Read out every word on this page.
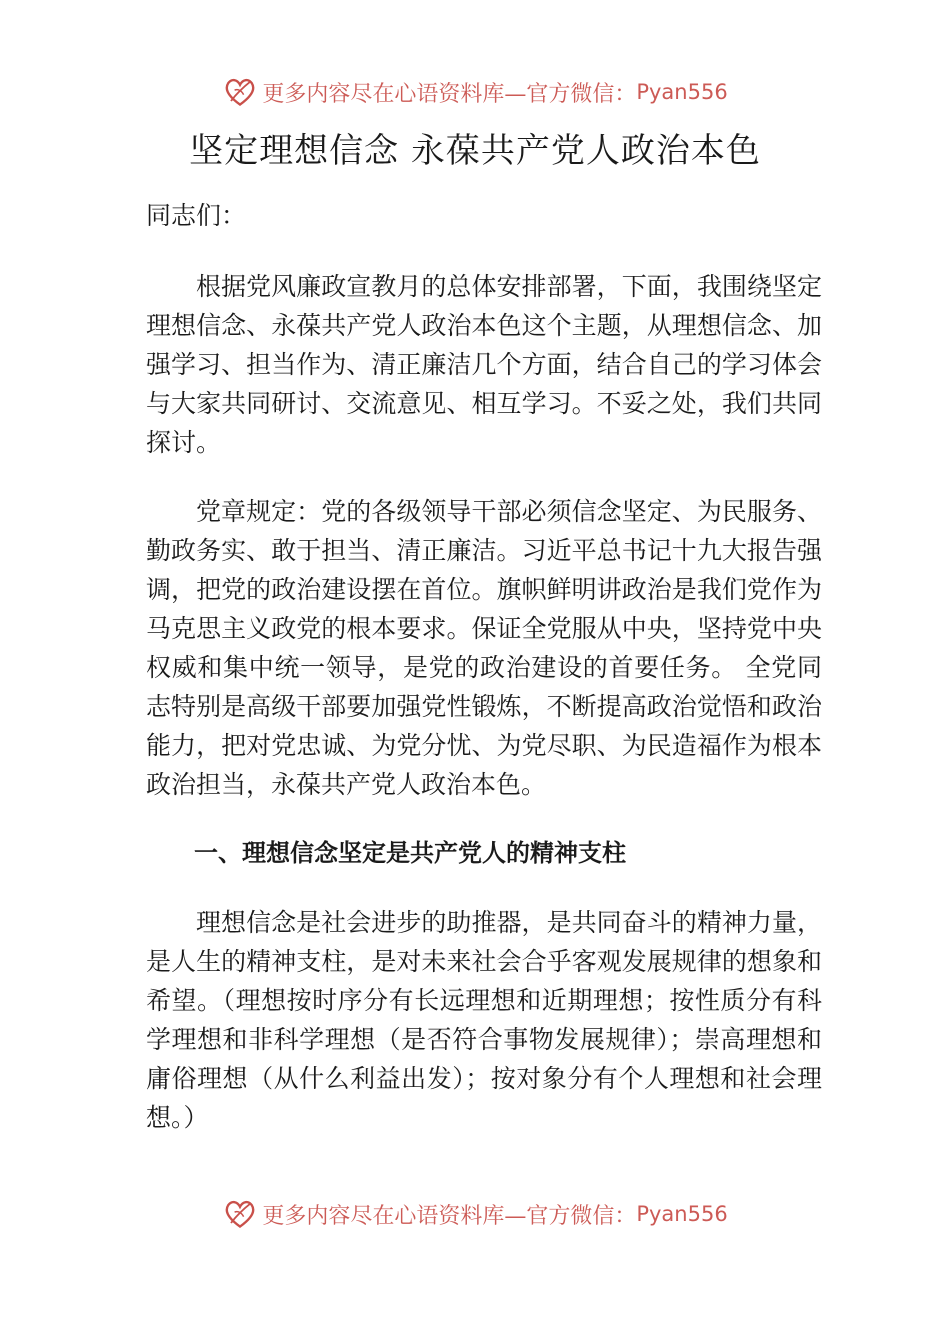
更多内容尽在心语资料库—官方微信： Pyan556
坚定理想信念 永葆共产党人政治本色

同志们：

根据党风廉政宣教月的总体安排部署，下面，我围绕坚定理想信念、永葆共产党人政治本色这个主题，从理想信念、加强学习、担当作为、清正廉洁几个方面，结合自己的学习体会与大家共同研讨、交流意见、相互学习。不妥之处，我们共同探讨。

党章规定：党的各级领导干部必须信念坚定、为民服务、勤政务实、敢于担当、清正廉洁。习近平总书记十九大报告强调，把党的政治建设摆在首位。旗帜鲜明讲政治是我们党作为马克思主义政党的根本要求。保证全党服从中央，坚持党中央权威和集中统一领导，是党的政治建设的首要任务。 全党同志特别是高级干部要加强党性锻炼，不断提高政治觉悟和政治能力，把对党忠诚、为党分忧、为党尽职、为民造福作为根本政治担当，永葆共产党人政治本色。

一、理想信念坚定是共产党人的精神支柱

理想信念是社会进步的助推器，是共同奋斗的精神力量，是人生的精神支柱，是对未来社会合乎客观发展规律的想象和希望。（理想按时序分有长远理想和近期理想；按性质分有科学理想和非科学理想（是否符合事物发展规律）；崇高理想和庸俗理想（从什么利益出发）；按对象分有个人理想和社会理想。）

更多内容尽在心语资料库—官方微信： Pyan556
